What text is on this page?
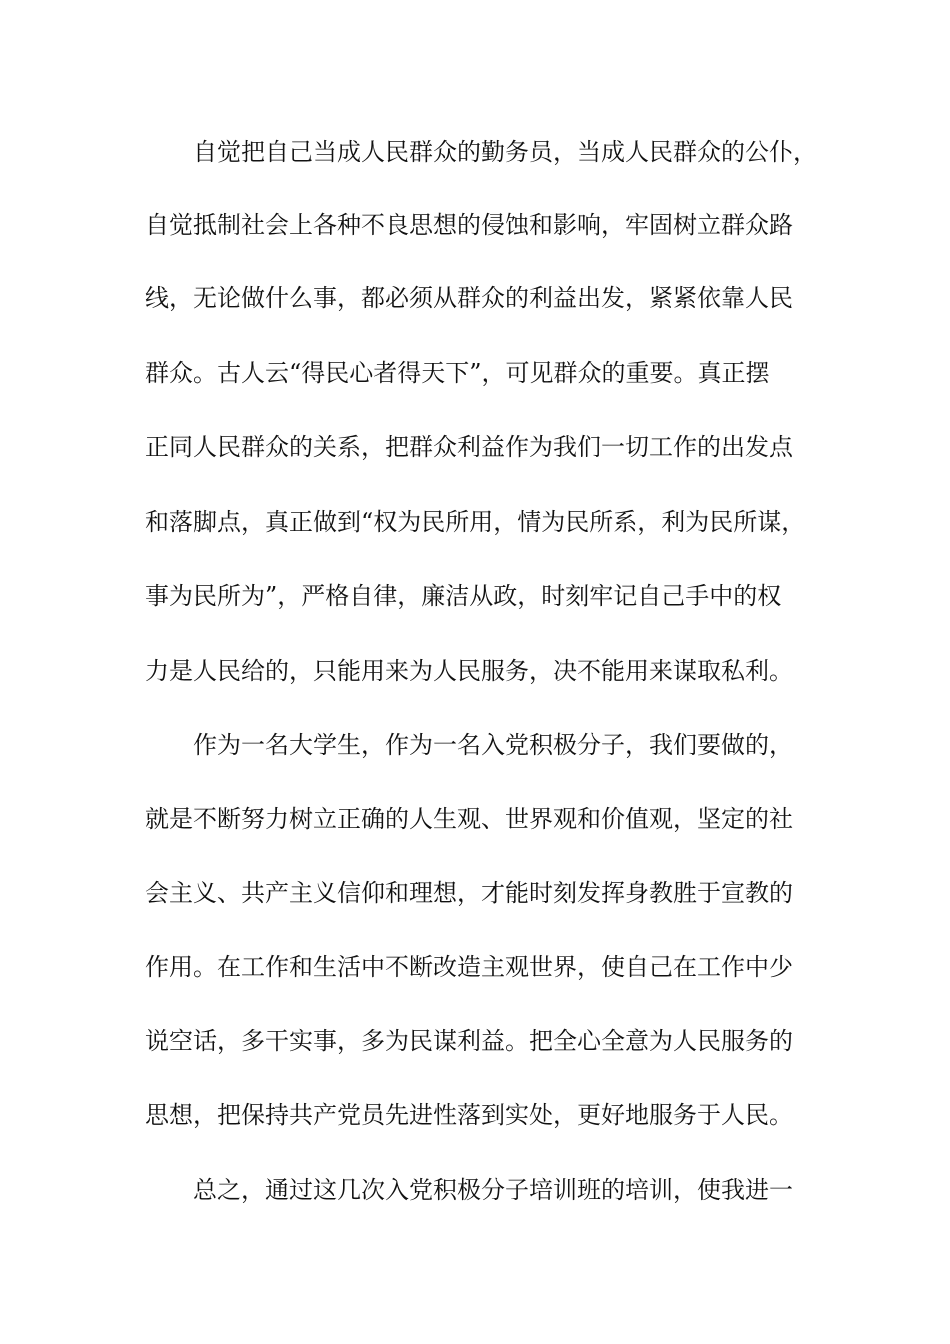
自觉把自己当成人民群众的勤务员，当成人民群众的公仆，

自觉抵制社会上各种不良思想的侵蚀和影响，牢固树立群众路

线，无论做什么事，都必须从群众的利益出发，紧紧依靠人民

群众。古人云“得民心者得天下”，可见群众的重要。真正摆

正同人民群众的关系，把群众利益作为我们一切工作的出发点

和落脚点，真正做到“权为民所用，情为民所系，利为民所谋，

事为民所为”，严格自律，廉洁从政，时刻牢记自己手中的权

力是人民给的，只能用来为人民服务，决不能用来谋取私利。

作为一名大学生，作为一名入党积极分子，我们要做的，

就是不断努力树立正确的人生观、世界观和价值观，坚定的社

会主义、共产主义信仰和理想，才能时刻发挥身教胜于宣教的

作用。在工作和生活中不断改造主观世界，使自己在工作中少

说空话，多干实事，多为民谋利益。把全心全意为人民服务的

思想，把保持共产党员先进性落到实处，更好地服务于人民。

总之，通过这几次入党积极分子培训班的培训，使我进一
